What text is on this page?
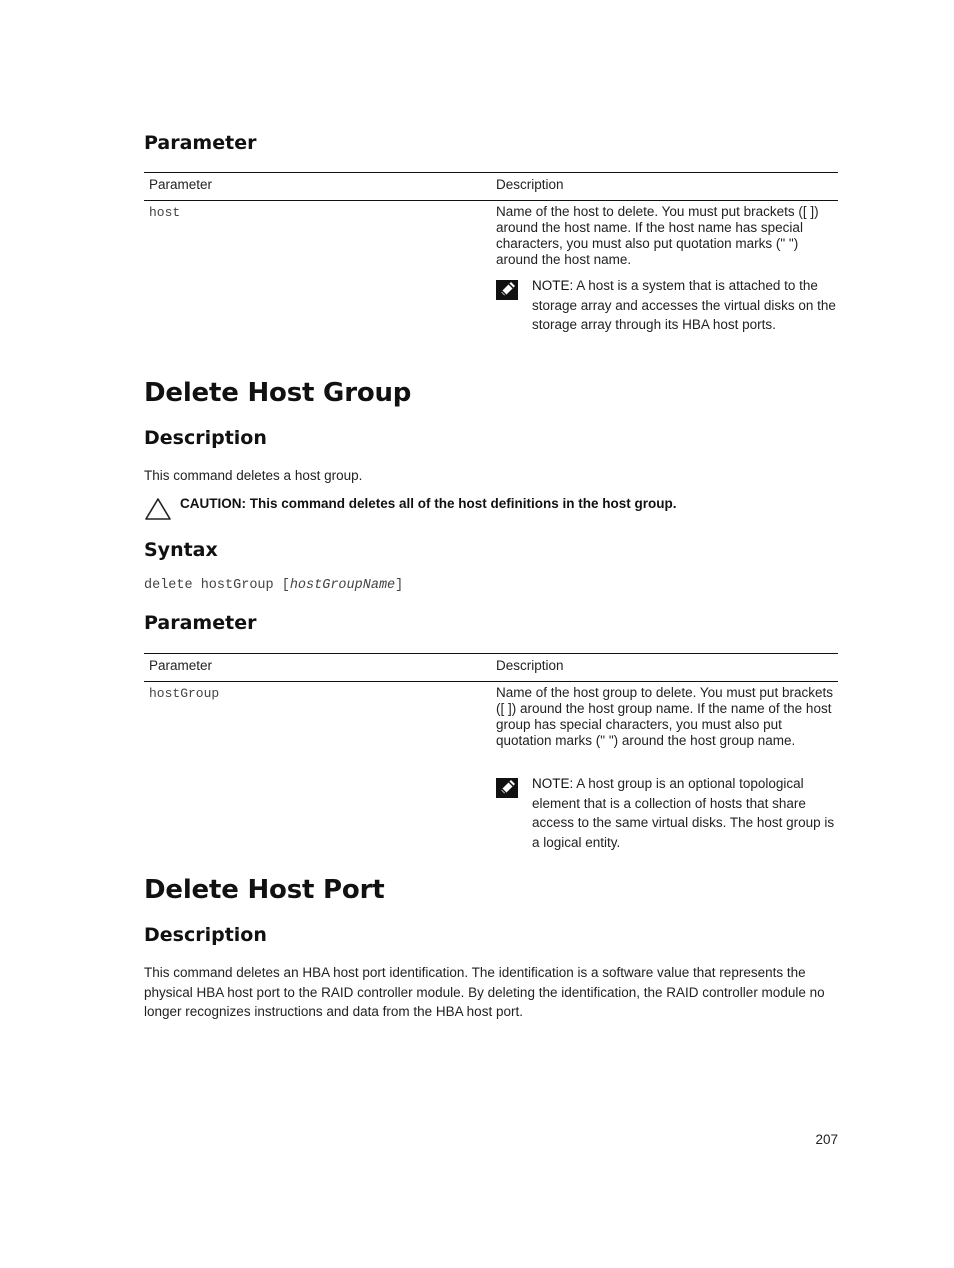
Parameter
Parameter	Description
host	Name of the host to delete. You must put brackets ([ ]) around the host name. If the host name has special characters, you must also put quotation marks (" ") around the host name.
NOTE: A host is a system that is attached to the storage array and accesses the virtual disks on the storage array through its HBA host ports.
Delete Host Group
Description
This command deletes a host group.
CAUTION: This command deletes all of the host definitions in the host group.
Syntax
delete hostGroup [hostGroupName]
Parameter
Parameter	Description
hostGroup	Name of the host group to delete. You must put brackets ([ ]) around the host group name. If the name of the host group has special characters, you must also put quotation marks (" ") around the host group name.
NOTE: A host group is an optional topological element that is a collection of hosts that share access to the same virtual disks. The host group is a logical entity.
Delete Host Port
Description
This command deletes an HBA host port identification. The identification is a software value that represents the physical HBA host port to the RAID controller module. By deleting the identification, the RAID controller module no longer recognizes instructions and data from the HBA host port.
207
